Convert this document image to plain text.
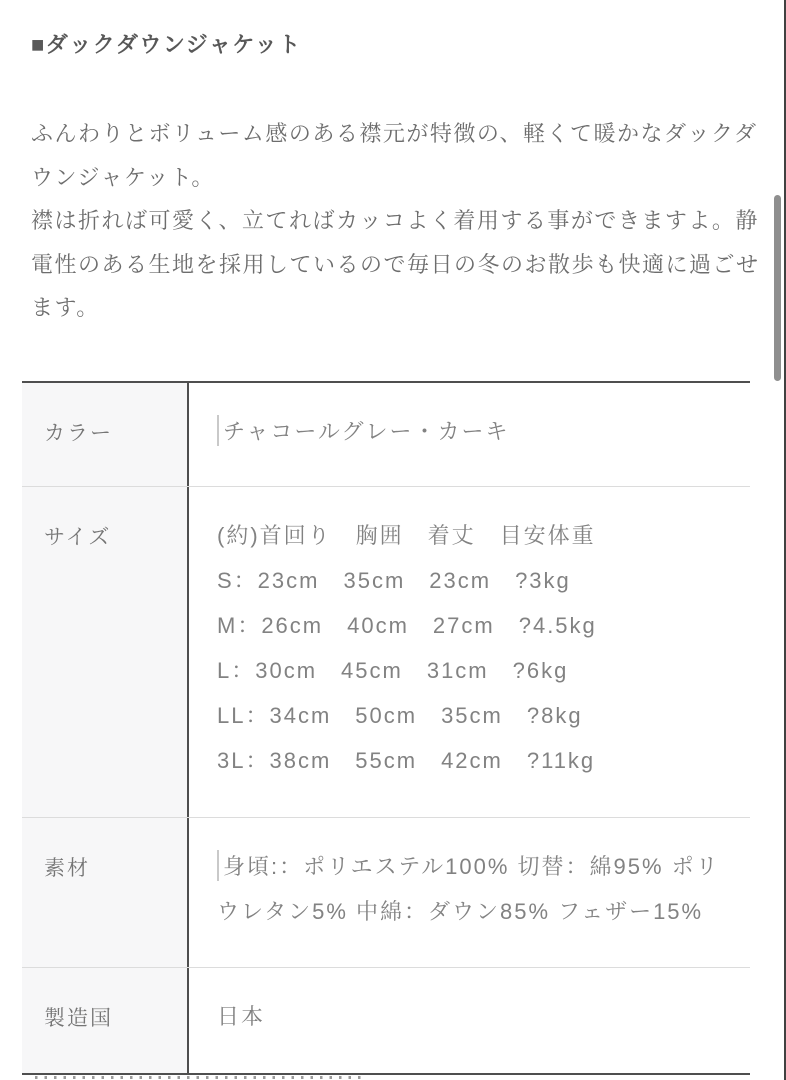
■ダックダウンジャケット
ふんわりとボリューム感のある襟元が特徴の、軽くて暖かなダックダ
ウンジャケット。
襟は折れば可愛く、立てればカッコよく着用する事ができますよ。静
電性のある生地を採用しているので毎日の冬のお散歩も快適に過ごせ
ます。
カラー	チャコールグレー・カーキ
サイズ	(約)首回り　胸囲　着丈　目安体重
S：23cm　35cm　23cm　?3kg
M：26cm　40cm　27cm　?4.5kg
L：30cm　45cm　31cm　?6kg
LL：34cm　50cm　35cm　?8kg
3L：38cm　55cm　42cm　?11kg
素材	身頃:：ポリエステル100% 切替：綿95% ポリ
ウレタン5% 中綿：ダウン85% フェザー15%
製造国	日本
